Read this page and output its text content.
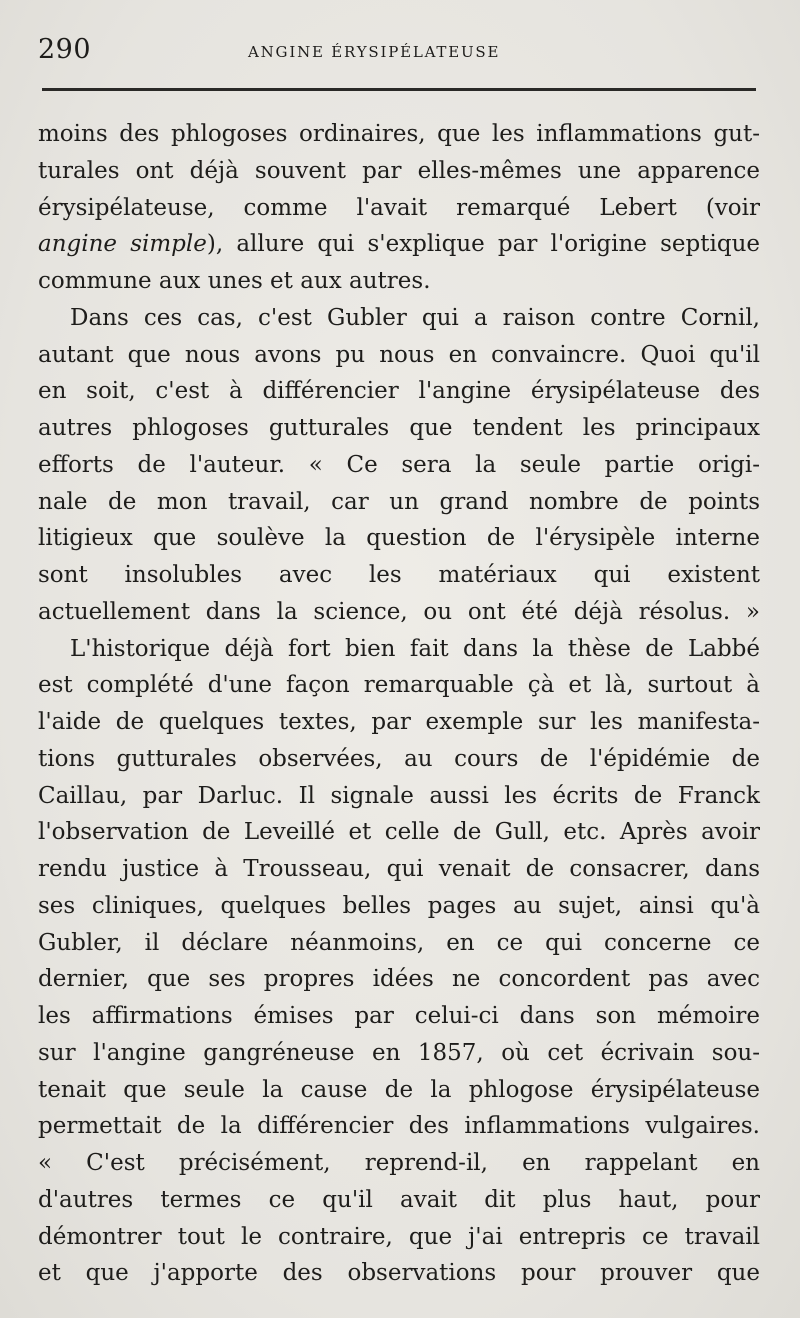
290	ANGINE ÉRYSIPÉLATEUSE
moins des phlogoses ordinaires, que les inflammations gut-
turales ont déjà souvent par elles-mêmes une apparence
érysipélateuse, comme l'avait remarqué Lebert (voir
angine simple), allure qui s'explique par l'origine septique
commune aux unes et aux autres.
Dans ces cas, c'est Gubler qui a raison contre Cornil,
autant que nous avons pu nous en convaincre. Quoi qu'il
en soit, c'est à différencier l'angine érysipélateuse des
autres phlogoses gutturales que tendent les principaux
efforts de l'auteur. « Ce sera la seule partie origi-
nale de mon travail, car un grand nombre de points
litigieux que soulève la question de l'érysipèle interne
sont insolubles avec les matériaux qui existent
actuellement dans la science, ou ont été déjà résolus. »
L'historique déjà fort bien fait dans la thèse de Labbé
est complété d'une façon remarquable çà et là, surtout à
l'aide de quelques textes, par exemple sur les manifesta-
tions gutturales observées, au cours de l'épidémie de
Caillau, par Darluc. Il signale aussi les écrits de Franck
l'observation de Leveillé et celle de Gull, etc. Après avoir
rendu justice à Trousseau, qui venait de consacrer, dans
ses cliniques, quelques belles pages au sujet, ainsi qu'à
Gubler, il déclare néanmoins, en ce qui concerne ce
dernier, que ses propres idées ne concordent pas avec
les affirmations émises par celui-ci dans son mémoire
sur l'angine gangréneuse en 1857, où cet écrivain sou-
tenait que seule la cause de la phlogose érysipélateuse
permettait de la différencier des inflammations vulgaires.
« C'est précisément, reprend-il, en rappelant en
d'autres termes ce qu'il avait dit plus haut, pour
démontrer tout le contraire, que j'ai entrepris ce travail
et que j'apporte des observations pour prouver que
